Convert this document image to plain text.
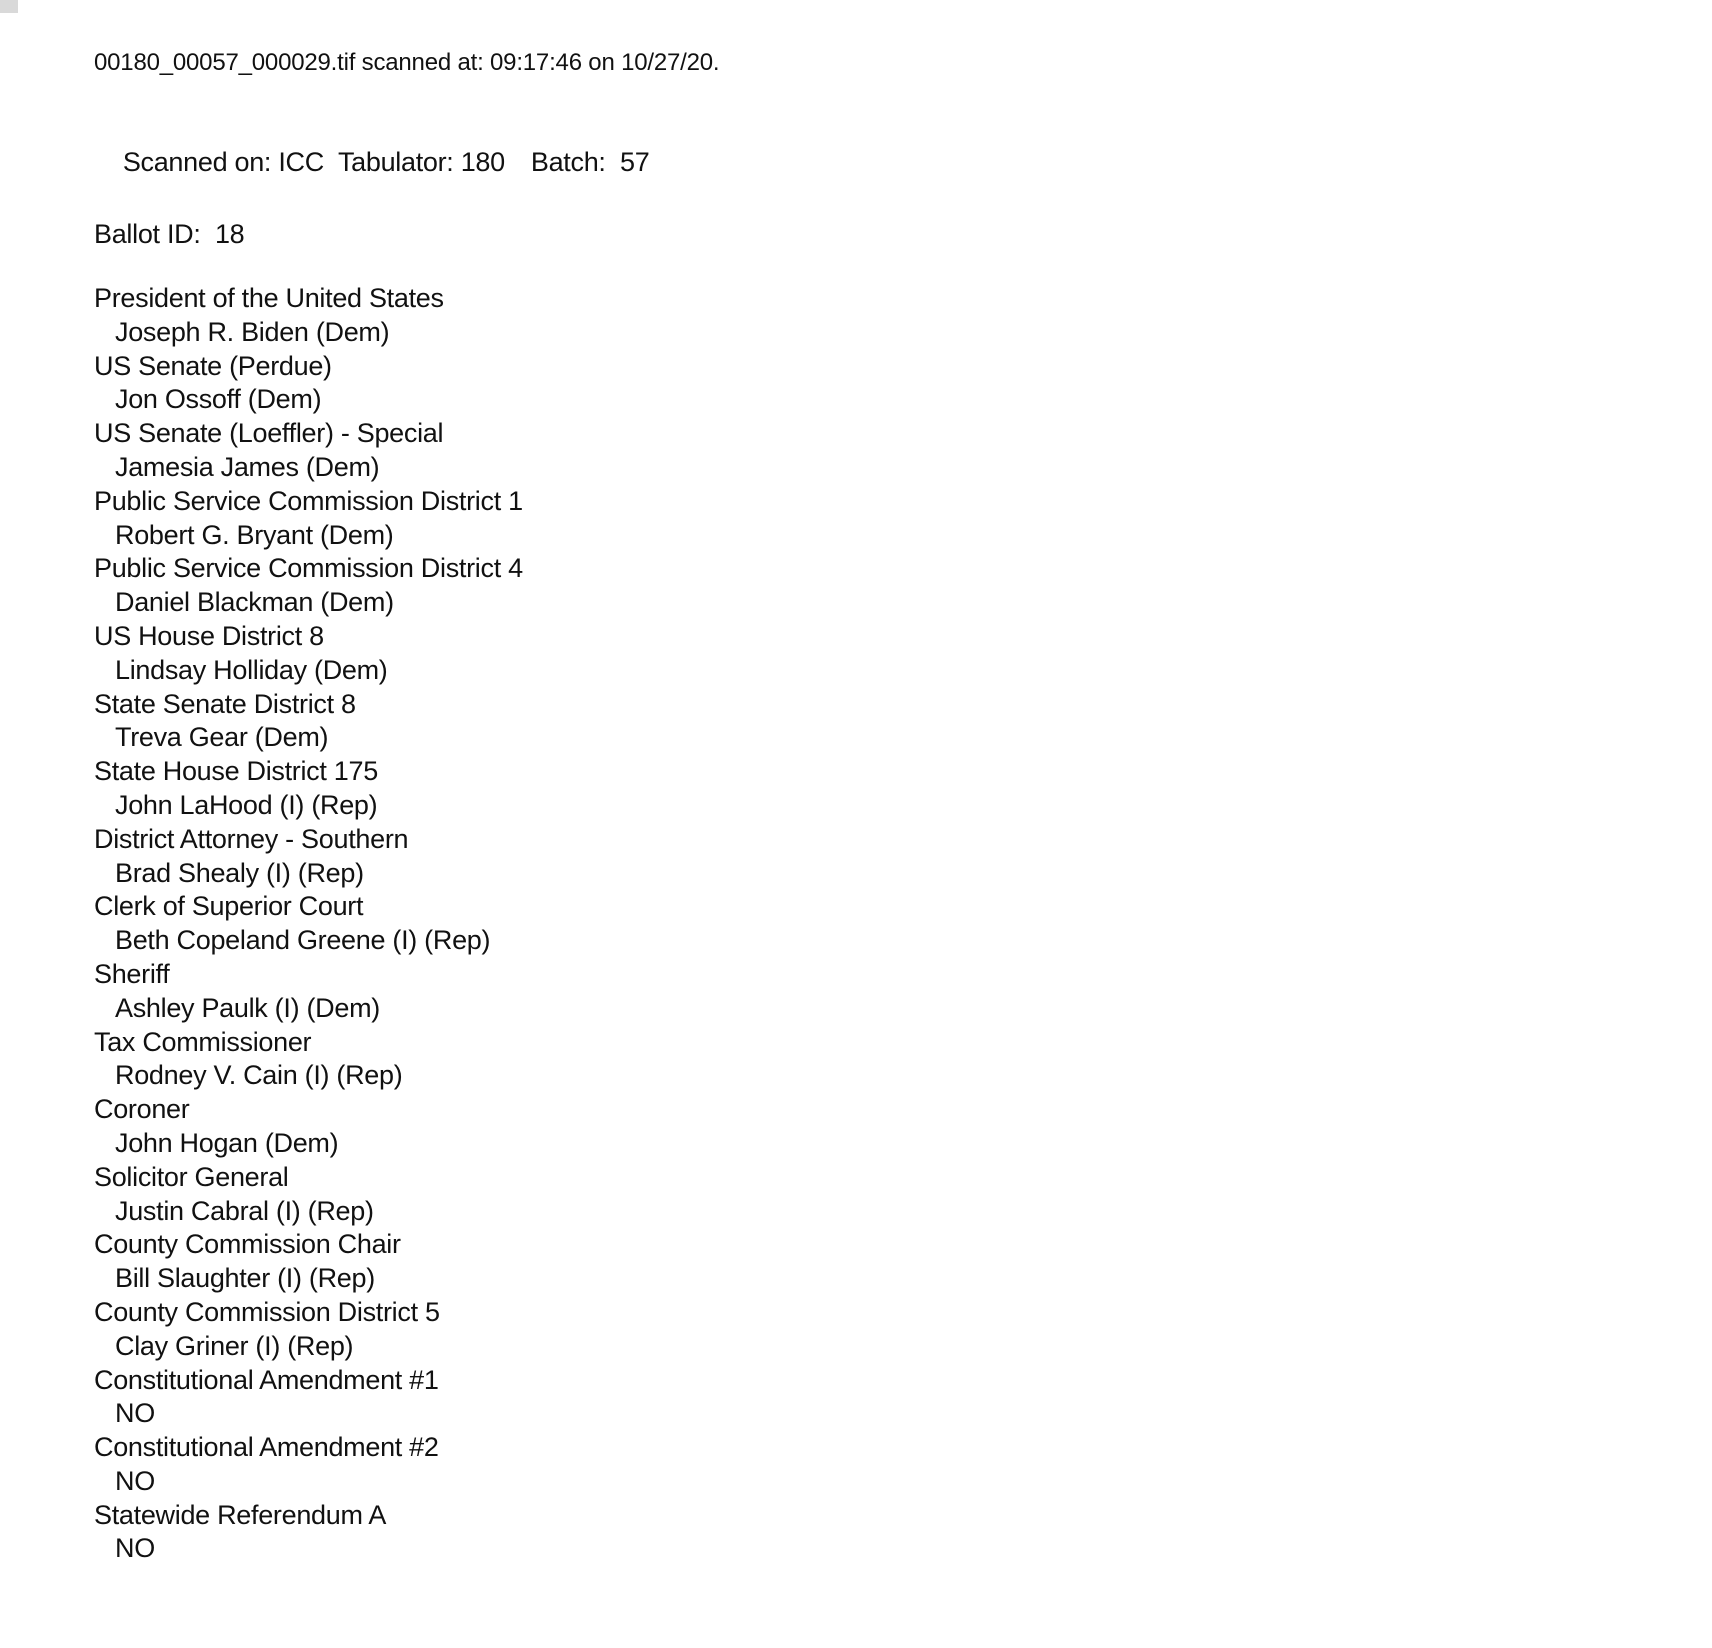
00180_00057_000029.tif scanned at: 09:17:46 on 10/27/20.

Scanned on: ICC Tabulator: 180 Batch:  57

Ballot ID:  18
President of the United States
Joseph R. Biden (Dem)
US Senate (Perdue)
Jon Ossoff (Dem)
US Senate (Loeffler) - Special
Jamesia James (Dem)
Public Service Commission District 1
Robert G. Bryant (Dem)
Public Service Commission District 4
Daniel Blackman (Dem)
US House District 8
Lindsay Holliday (Dem)
State Senate District 8
Treva Gear (Dem)
State House District 175
John LaHood (I) (Rep)
District Attorney - Southern
Brad Shealy (I) (Rep)
Clerk of Superior Court
Beth Copeland Greene (I) (Rep)
Sheriff
Ashley Paulk (I) (Dem)
Tax Commissioner
Rodney V. Cain (I) (Rep)
Coroner
John Hogan (Dem)
Solicitor General
Justin Cabral (I) (Rep)
County Commission Chair
Bill Slaughter (I) (Rep)
County Commission District 5
Clay Griner (I) (Rep)
Constitutional Amendment #1
NO
Constitutional Amendment #2
NO
Statewide Referendum A
NO
